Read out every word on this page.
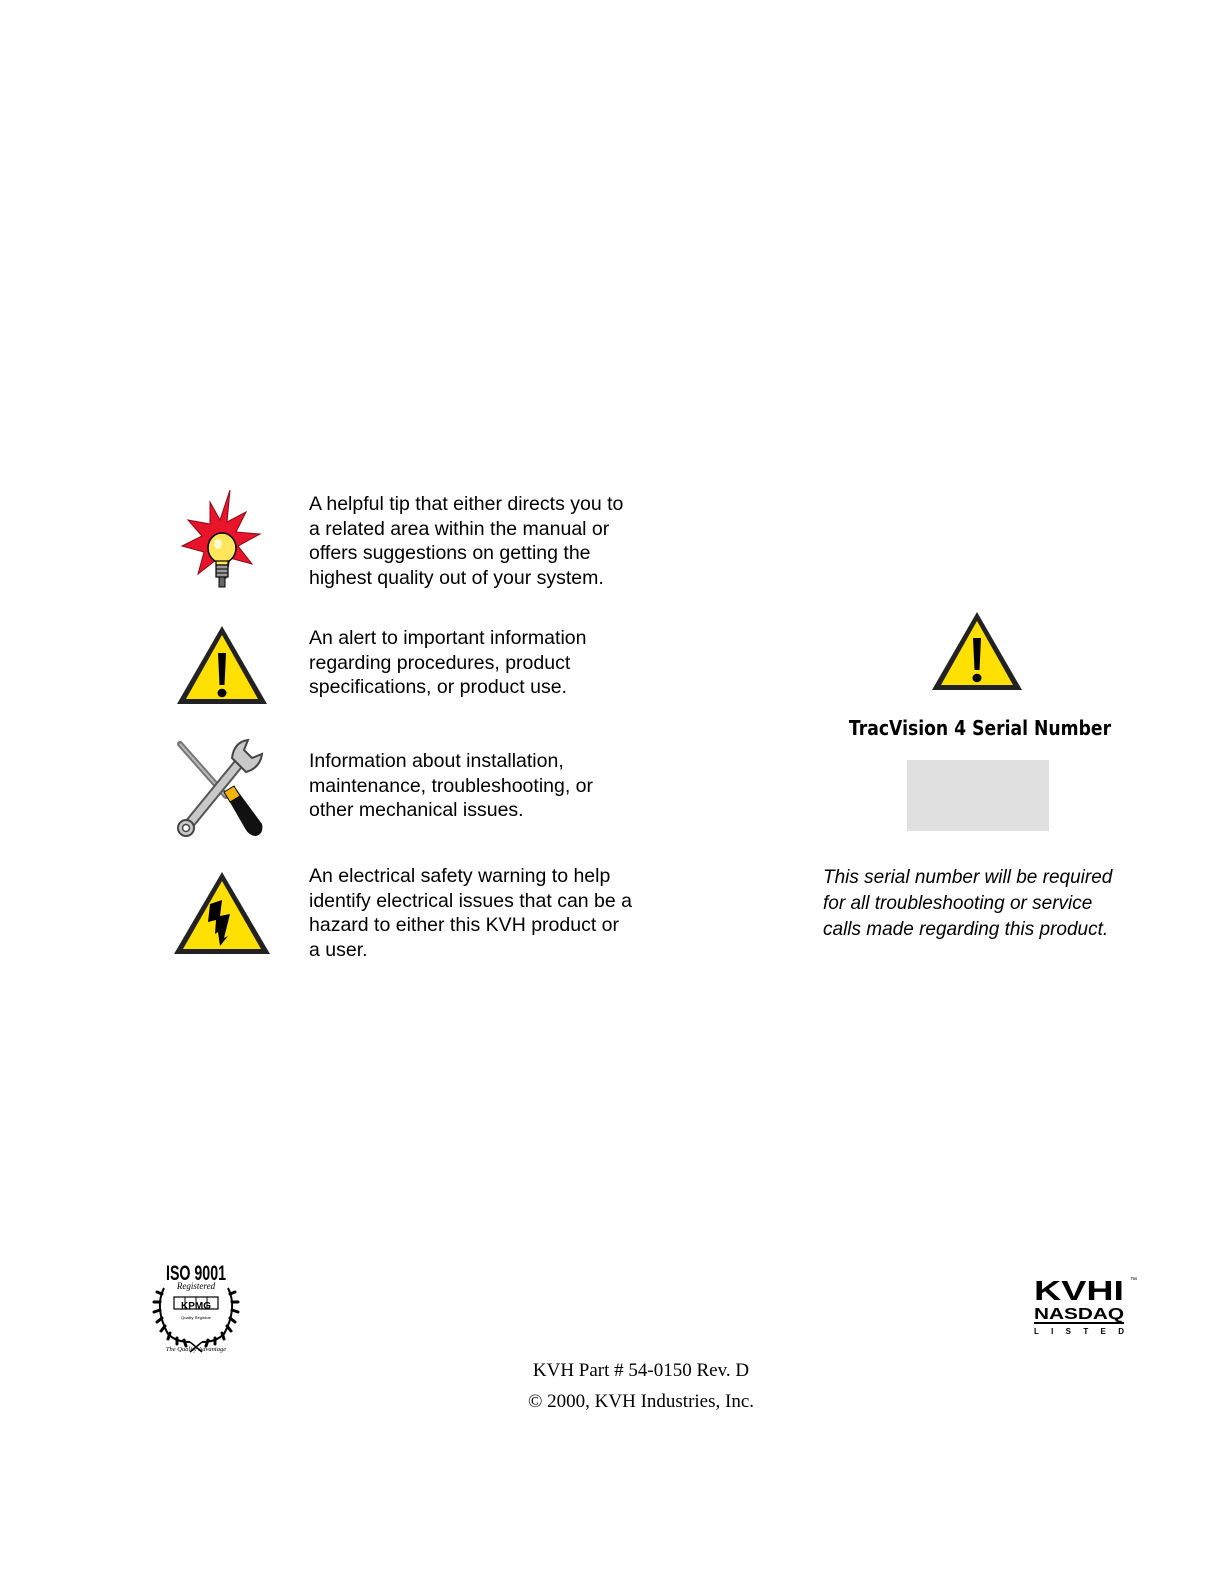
A helpful tip that either directs you to
a related area within the manual or
offers suggestions on getting the
highest quality out of your system.

An alert to important information
regarding procedures, product
specifications, or product use.

Information about installation,
maintenance, troubleshooting, or
other mechanical issues.

An electrical safety warning to help
identify electrical issues that can be a
hazard to either this KVH product or
a user.

TracVision 4 Serial Number

This serial number will be required
for all troubleshooting or service
calls made regarding this product.

ISO 9001
Registered
KPMG
Quality Registrar
The Quality Advantage
KVHI ™
NASDAQ
L I S T E D

KVH Part # 54-0150 Rev. D
© 2000, KVH Industries, Inc.
